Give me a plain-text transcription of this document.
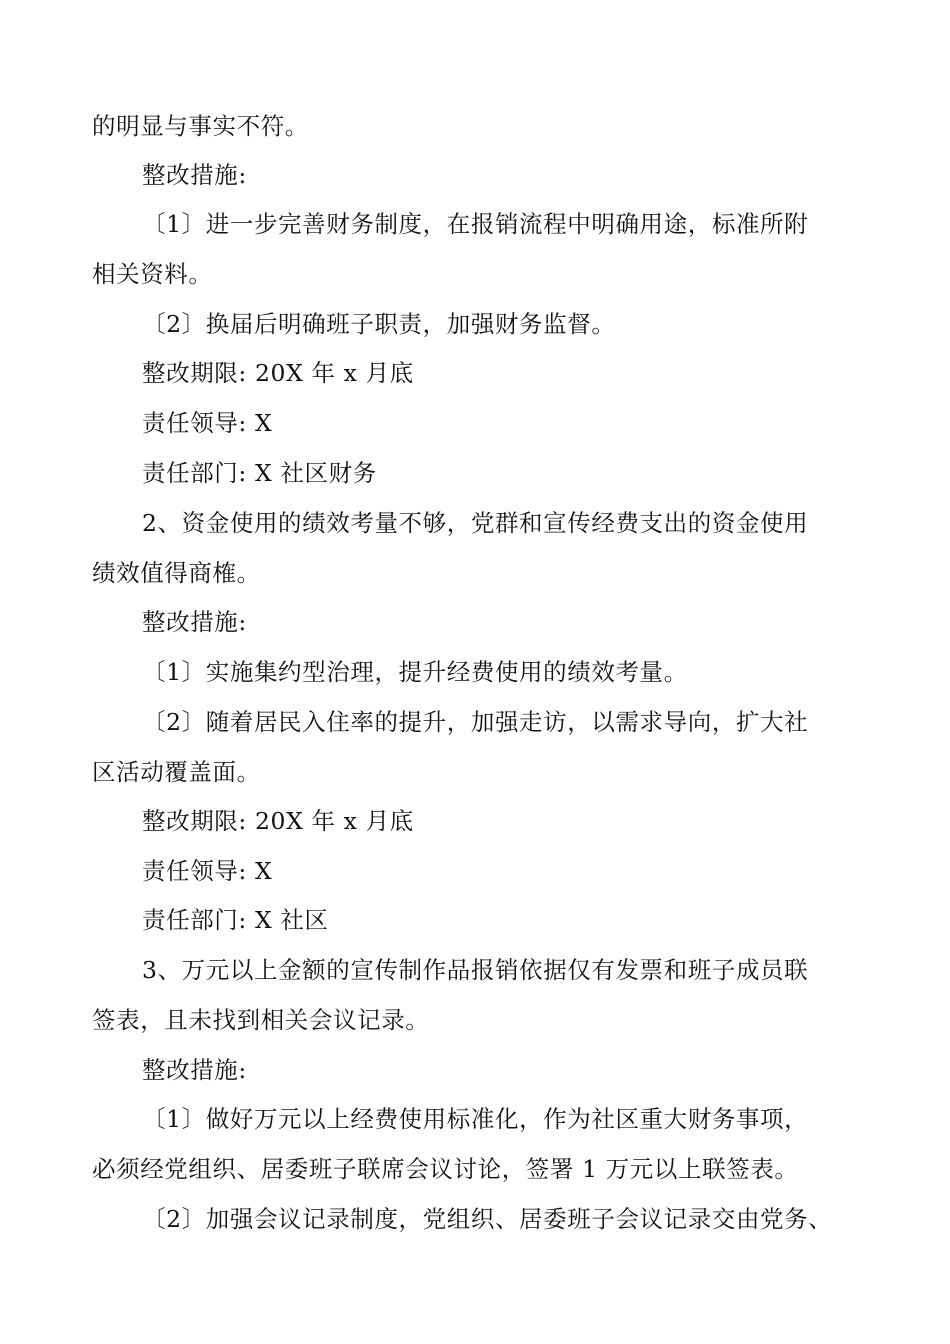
的明显与事实不符。

整改措施:

〔1〕进一步完善财务制度，在报销流程中明确用途，标准所附

相关资料。

〔2〕换届后明确班子职责，加强财务监督。

整改期限: 20X 年 x 月底

责任领导: X

责任部门: X 社区财务

2、资金使用的绩效考量不够，党群和宣传经费支出的资金使用

绩效值得商榷。

整改措施:

〔1〕实施集约型治理，提升经费使用的绩效考量。

〔2〕随着居民入住率的提升，加强走访，以需求导向，扩大社

区活动覆盖面。

整改期限: 20X 年 x 月底

责任领导: X

责任部门: X 社区

3、万元以上金额的宣传制作品报销依据仅有发票和班子成员联

签表，且未找到相关会议记录。

整改措施:

〔1〕做好万元以上经费使用标准化，作为社区重大财务事项，

必须经党组织、居委班子联席会议讨论，签署 1 万元以上联签表。

〔2〕加强会议记录制度，党组织、居委班子会议记录交由党务、
